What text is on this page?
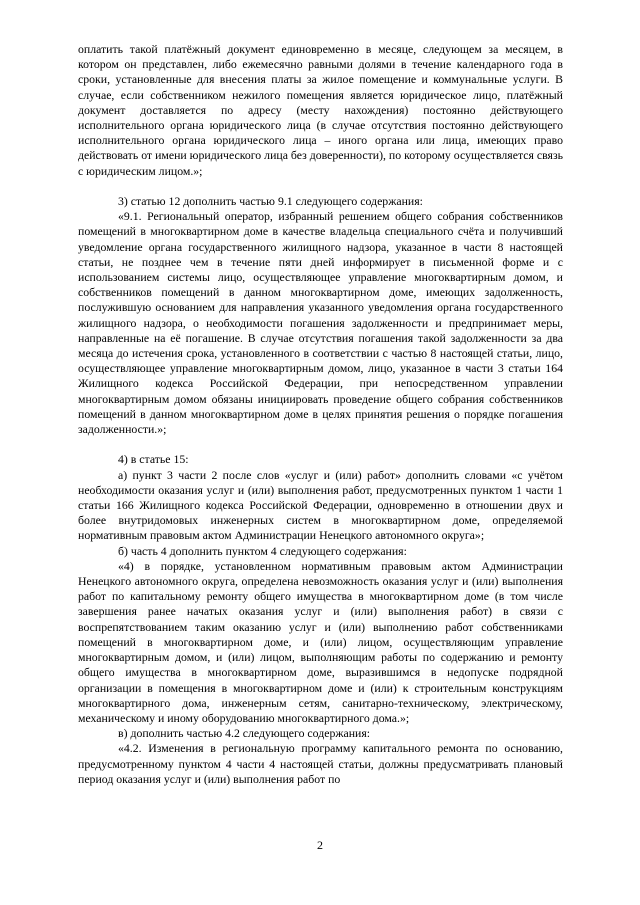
оплатить такой платёжный документ единовременно в месяце, следующем за месяцем, в котором он представлен, либо ежемесячно равными долями в течение календарного года в сроки, установленные для внесения платы за жилое помещение и коммунальные услуги. В случае, если собственником нежилого помещения является юридическое лицо, платёжный документ доставляется по адресу (месту нахождения) постоянно действующего исполнительного органа юридического лица (в случае отсутствия постоянно действующего исполнительного органа юридического лица – иного органа или лица, имеющих право действовать от имени юридического лица без доверенности), по которому осуществляется связь с юридическим лицом.»;

3) статью 12 дополнить частью 9.1 следующего содержания:

«9.1. Региональный оператор, избранный решением общего собрания собственников помещений в многоквартирном доме в качестве владельца специального счёта и получивший уведомление органа государственного жилищного надзора, указанное в части 8 настоящей статьи, не позднее чем в течение пяти дней информирует в письменной форме и с использованием системы лицо, осуществляющее управление многоквартирным домом, и собственников помещений в данном многоквартирном доме, имеющих задолженность, послужившую основанием для направления указанного уведомления органа государственного жилищного надзора, о необходимости погашения задолженности и предпринимает меры, направленные на её погашение. В случае отсутствия погашения такой задолженности за два месяца до истечения срока, установленного в соответствии с частью 8 настоящей статьи, лицо, осуществляющее управление многоквартирным домом, лицо, указанное в части 3 статьи 164 Жилищного кодекса Российской Федерации, при непосредственном управлении многоквартирным домом обязаны инициировать проведение общего собрания собственников помещений в данном многоквартирном доме в целях принятия решения о порядке погашения задолженности.»;

4) в статье 15:

а) пункт 3 части 2 после слов «услуг и (или) работ» дополнить словами «с учётом необходимости оказания услуг и (или) выполнения работ, предусмотренных пунктом 1 части 1 статьи 166 Жилищного кодекса Российской Федерации, одновременно в отношении двух и более внутридомовых инженерных систем в многоквартирном доме, определяемой нормативным правовым актом Администрации Ненецкого автономного округа»;

б) часть 4 дополнить пунктом 4 следующего содержания:

«4) в порядке, установленном нормативным правовым актом Администрации Ненецкого автономного округа, определена невозможность оказания услуг и (или) выполнения работ по капитальному ремонту общего имущества в многоквартирном доме (в том числе завершения ранее начатых оказания услуг и (или) выполнения работ) в связи с воспрепятствованием таким оказанию услуг и (или) выполнению работ собственниками помещений в многоквартирном доме, и (или) лицом, осуществляющим управление многоквартирным домом, и (или) лицом, выполняющим работы по содержанию и ремонту общего имущества в многоквартирном доме, выразившимся в недопуске подрядной организации в помещения в многоквартирном доме и (или) к строительным конструкциям многоквартирного дома, инженерным сетям, санитарно-техническому, электрическому, механическому и иному оборудованию многоквартирного дома.»;

в) дополнить частью 4.2 следующего содержания:

«4.2. Изменения в региональную программу капитального ремонта по основанию, предусмотренному пунктом 4 части 4 настоящей статьи, должны предусматривать плановый период оказания услуг и (или) выполнения работ по

2
